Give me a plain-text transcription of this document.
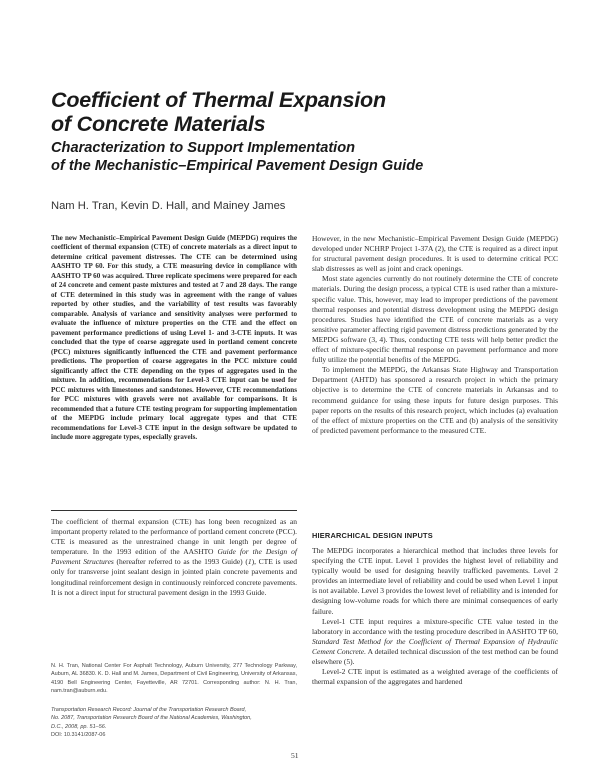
Coefficient of Thermal Expansion
of Concrete Materials
Characterization to Support Implementation
of the Mechanistic–Empirical Pavement Design Guide
Nam H. Tran, Kevin D. Hall, and Mainey James
The new Mechanistic–Empirical Pavement Design Guide (MEPDG) requires the coefficient of thermal expansion (CTE) of concrete materials as a direct input to determine critical pavement distresses. The CTE can be determined using AASHTO TP 60. For this study, a CTE measuring device in compliance with AASHTO TP 60 was acquired. Three replicate specimens were prepared for each of 24 concrete and cement paste mixtures and tested at 7 and 28 days. The range of CTE determined in this study was in agreement with the range of values reported by other studies, and the variability of test results was favorably comparable. Analysis of variance and sensitivity analyses were performed to evaluate the influence of mixture properties on the CTE and the effect on pavement performance predictions of using Level 1- and 3-CTE inputs. It was concluded that the type of coarse aggregate used in portland cement concrete (PCC) mixtures significantly influenced the CTE and pavement performance predictions. The proportion of coarse aggregates in the PCC mixture could significantly affect the CTE depending on the types of aggregates used in the mixture. In addition, recommendations for Level-3 CTE input can be used for PCC mixtures with limestones and sandstones. However, CTE recommendations for PCC mixtures with gravels were not available for comparisons. It is recommended that a future CTE testing program for supporting implementation of the MEPDG include primary local aggregate types and that CTE recommendations for Level-3 CTE input in the design software be updated to include more aggregate types, especially gravels.
The coefficient of thermal expansion (CTE) has long been recognized as an important property related to the performance of portland cement concrete (PCC). CTE is measured as the unrestrained change in unit length per degree of temperature. In the 1993 edition of the AASHTO Guide for the Design of Pavement Structures (hereafter referred to as the 1993 Guide) (1), CTE is used only for transverse joint sealant design in jointed plain concrete pavements and longitudinal reinforcement design in continuously reinforced concrete pavements. It is not a direct input for structural pavement design in the 1993 Guide.
N. H. Tran, National Center For Asphalt Technology, Auburn University, 277 Technology Parkway, Auburn, AL 36830. K. D. Hall and M. James, Department of Civil Engineering, University of Arkansas, 4190 Bell Engineering Center, Fayetteville, AR 72701. Corresponding author: N. H. Tran, nam.tran@auburn.edu.
Transportation Research Record: Journal of the Transportation Research Board,
No. 2087, Transportation Research Board of the National Academies, Washington,
D.C., 2008, pp. 51–56.
DOI: 10.3141/2087-06

However, in the new Mechanistic–Empirical Pavement Design Guide (MEPDG) developed under NCHRP Project 1-37A (2), the CTE is required as a direct input for structural pavement design procedures. It is used to determine critical PCC slab distresses as well as joint and crack openings.

Most state agencies currently do not routinely determine the CTE of concrete materials. During the design process, a typical CTE is used rather than a mixture-specific value. This, however, may lead to improper predictions of the pavement thermal responses and potential distress development using the MEPDG design procedures. Studies have identified the CTE of concrete materials as a very sensitive parameter affecting rigid pavement distress predictions generated by the MEPDG software (3, 4). Thus, conducting CTE tests will help better predict the effect of mixture-specific thermal response on pavement performance and more fully utilize the potential benefits of the MEPDG.

To implement the MEPDG, the Arkansas State Highway and Transportation Department (AHTD) has sponsored a research project in which the primary objective is to determine the CTE of concrete materials in Arkansas and to recommend guidance for using these inputs for future design purposes. This paper reports on the results of this research project, which includes (a) evaluation of the effect of mixture properties on the CTE and (b) analysis of the sensitivity of predicted pavement performance to the measured CTE.

HIERARCHICAL DESIGN INPUTS

The MEPDG incorporates a hierarchical method that includes three levels for specifying the CTE input. Level 1 provides the highest level of reliability and typically would be used for designing heavily trafficked pavements. Level 2 provides an intermediate level of reliability and could be used when Level 1 input is not available. Level 3 provides the lowest level of reliability and is intended for designing low-volume roads for which there are minimal consequences of early failure.

Level-1 CTE input requires a mixture-specific CTE value tested in the laboratory in accordance with the testing procedure described in AASHTO TP 60, Standard Test Method for the Coefficient of Thermal Expansion of Hydraulic Cement Concrete. A detailed technical discussion of the test method can be found elsewhere (5).

Level-2 CTE input is estimated as a weighted average of the coefficients of thermal expansion of the aggregates and hardened

51
